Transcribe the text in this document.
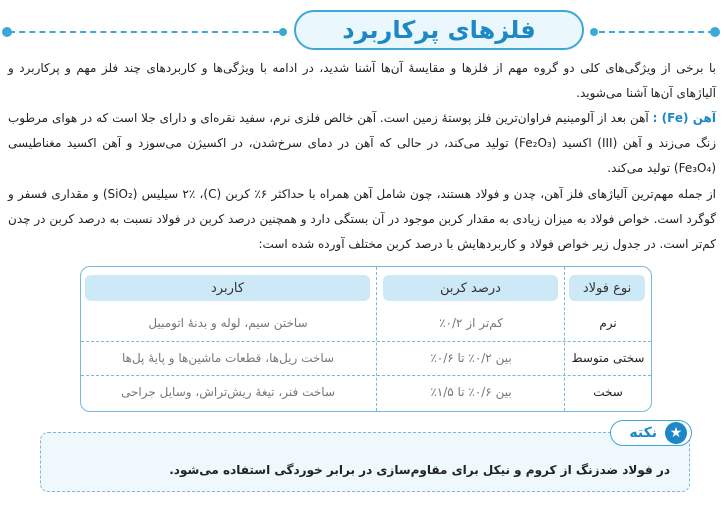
فلزهای پرکاربرد

با برخی از ویژگی‌های کلی دو گروه مهم از فلزها و مقایسهٔ آن‌ها آشنا شدید، در ادامه با ویژگی‌ها و کاربردهای چند فلز مهم و پرکاربرد و آلیاژهای آن‌ها آشنا می‌شوید.

آهن (Fe) : آهن بعد از آلومینیم فراوان‌ترین فلز پوستهٔ زمین است. آهن خالص فلزی نرم، سفید نقره‌ای و دارای جلا است که در هوای مرطوب زنگ می‌زند و آهن (III) اکسید (Fe₂O₃) تولید می‌کند، در حالی که آهن در دمای سرخ‌شدن، در اکسیژن می‌سوزد و آهن اکسید مغناطیسی (Fe₃O₄) تولید می‌کند.

از جمله مهم‌ترین آلیاژهای فلز آهن، چدن و فولاد هستند، چون شامل آهن همراه با حداکثر ۶٪ کربن (C)، ۲٪ سیلیس (SiO₂) و مقداری فسفر و گوگرد است. خواص فولاد به میزان زیادی به مقدار کربن موجود در آن بستگی دارد و همچنین درصد کربن در فولاد نسبت به درصد کربن در چدن کم‌تر است. در جدول زیر خواص فولاد و کاربردهایش با درصد کربن مختلف آورده شده است:

نوع فولاد
درصد کربن
کاربرد
نرم
کم‌تر از ۰/۲٪
ساختن سیم، لوله و بدنهٔ اتومبیل
سختی متوسط
بین ۰/۲٪ تا ۰/۶٪
ساخت ریل‌ها، قطعات ماشین‌ها و پایهٔ پل‌ها
سخت
بین ۰/۶٪ تا ۱/۵٪
ساخت فنر، تیغهٔ ریش‌تراش، وسایل جراحی
★
نکته

در فولاد ضدزنگ از کروم و نیکل برای مقاوم‌سازی در برابر خوردگی استفاده می‌شود.
